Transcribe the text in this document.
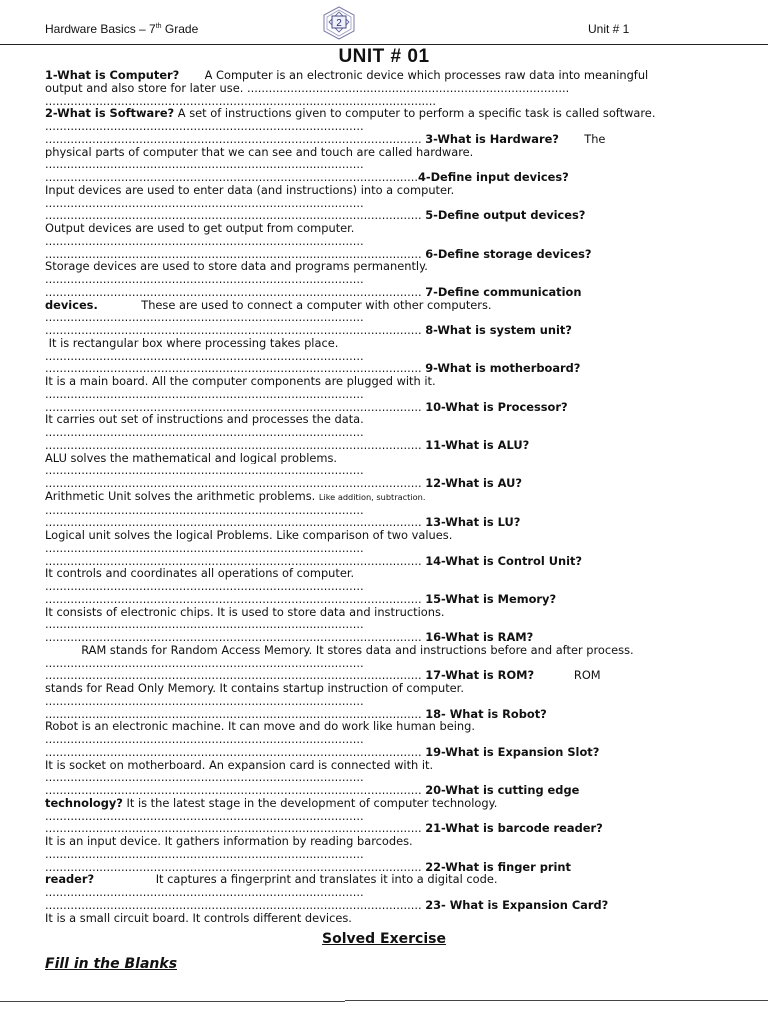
Hardware Basics – 7th Grade	2	Unit # 1
UNIT # 01

1-What is Computer?       A Computer is an electronic device which processes raw data into meaningful

output and also store for later use. .........................................................................................

............................................................................................................

2-What is Software? A set of instructions given to computer to perform a specific task is called software.

........................................................................................

........................................................................................................ 3-What is Hardware?       The

physical parts of computer that we can see and touch are called hardware.

........................................................................................

.......................................................................................................4-Define input devices?

Input devices are used to enter data (and instructions) into a computer.

........................................................................................

........................................................................................................ 5-Define output devices?

Output devices are used to get output from computer.

........................................................................................

........................................................................................................ 6-Define storage devices?

Storage devices are used to store data and programs permanently.

........................................................................................

........................................................................................................ 7-Define communication

devices.            These are used to connect a computer with other computers.

........................................................................................

........................................................................................................ 8-What is system unit?

It is rectangular box where processing takes place.

........................................................................................

........................................................................................................ 9-What is motherboard?

It is a main board. All the computer components are plugged with it.

........................................................................................

........................................................................................................ 10-What is Processor?

It carries out set of instructions and processes the data.

........................................................................................

........................................................................................................ 11-What is ALU?

ALU solves the mathematical and logical problems.

........................................................................................

........................................................................................................ 12-What is AU?

Arithmetic Unit solves the arithmetic problems. Like addition, subtraction.

........................................................................................

........................................................................................................ 13-What is LU?

Logical unit solves the logical Problems. Like comparison of two values.

........................................................................................

........................................................................................................ 14-What is Control Unit?

It controls and coordinates all operations of computer.

........................................................................................

........................................................................................................ 15-What is Memory?

It consists of electronic chips. It is used to store data and instructions.

........................................................................................

........................................................................................................ 16-What is RAM?

RAM stands for Random Access Memory. It stores data and instructions before and after process.

........................................................................................

........................................................................................................ 17-What is ROM?           ROM

stands for Read Only Memory. It contains startup instruction of computer.

........................................................................................

........................................................................................................ 18- What is Robot?

Robot is an electronic machine. It can move and do work like human being.

........................................................................................

........................................................................................................ 19-What is Expansion Slot?

It is socket on motherboard. An expansion card is connected with it.

........................................................................................

........................................................................................................ 20-What is cutting edge

technology? It is the latest stage in the development of computer technology.

........................................................................................

........................................................................................................ 21-What is barcode reader?

It is an input device. It gathers information by reading barcodes.

........................................................................................

........................................................................................................ 22-What is finger print

reader?                 It captures a fingerprint and translates it into a digital code.

........................................................................................

........................................................................................................ 23- What is Expansion Card?

It is a small circuit board. It controls different devices.

Solved Exercise
Fill in the Blanks
